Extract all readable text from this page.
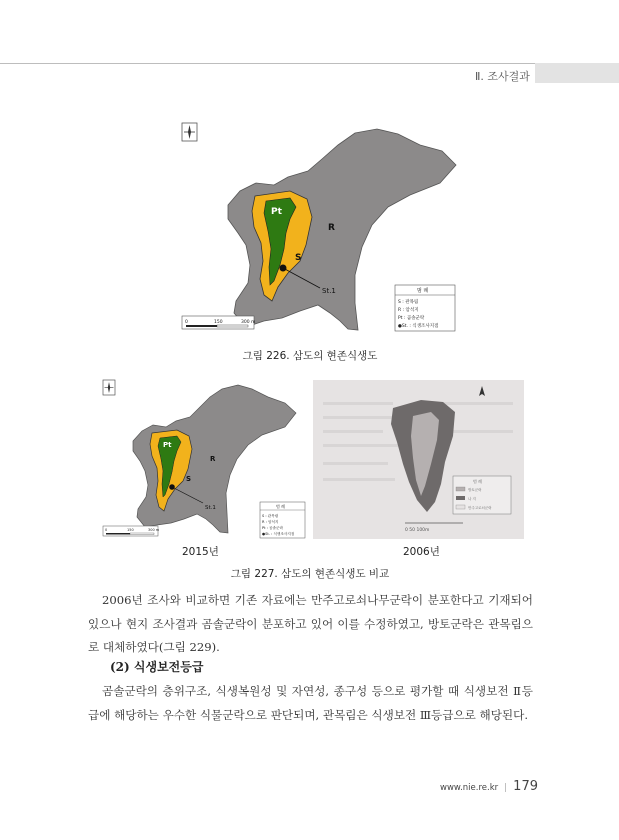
Ⅱ. 조사결과
Pt
R
S
St.1
0	150	300 m
범 례
S : 관목림
R : 암석지
Pt : 곰솔군락
●St. : 식생조사지점
그림 226. 삼도의 현존식생도
Pt
R
S
St.1
0	150	300 m
범 례
S : 관목림
R : 암석지
Pt : 곰솔군락
●St. : 식생조사지점
범 례
방토군락
나 지
만주고로쇠군락
0 50 100m
2015년	2006년
그림 227. 삼도의 현존식생도 비교

2006년 조사와 비교하면 기존 자료에는 만주고로쇠나무군락이 분포한다고 기재되어 있으나 현지 조사결과 곰솔군락이 분포하고 있어 이를 수정하였고, 방토군락은 관목림으로 대체하였다(그림 229).

(2) 식생보전등급

곰솔군락의 층위구조, 식생복원성 및 자연성, 종구성 등으로 평가할 때 식생보전 Ⅱ등급에 해당하는 우수한 식물군락으로 판단되며, 관목림은 식생보전 Ⅲ등급으로 해당된다.

www.nie.re.kr | 179
